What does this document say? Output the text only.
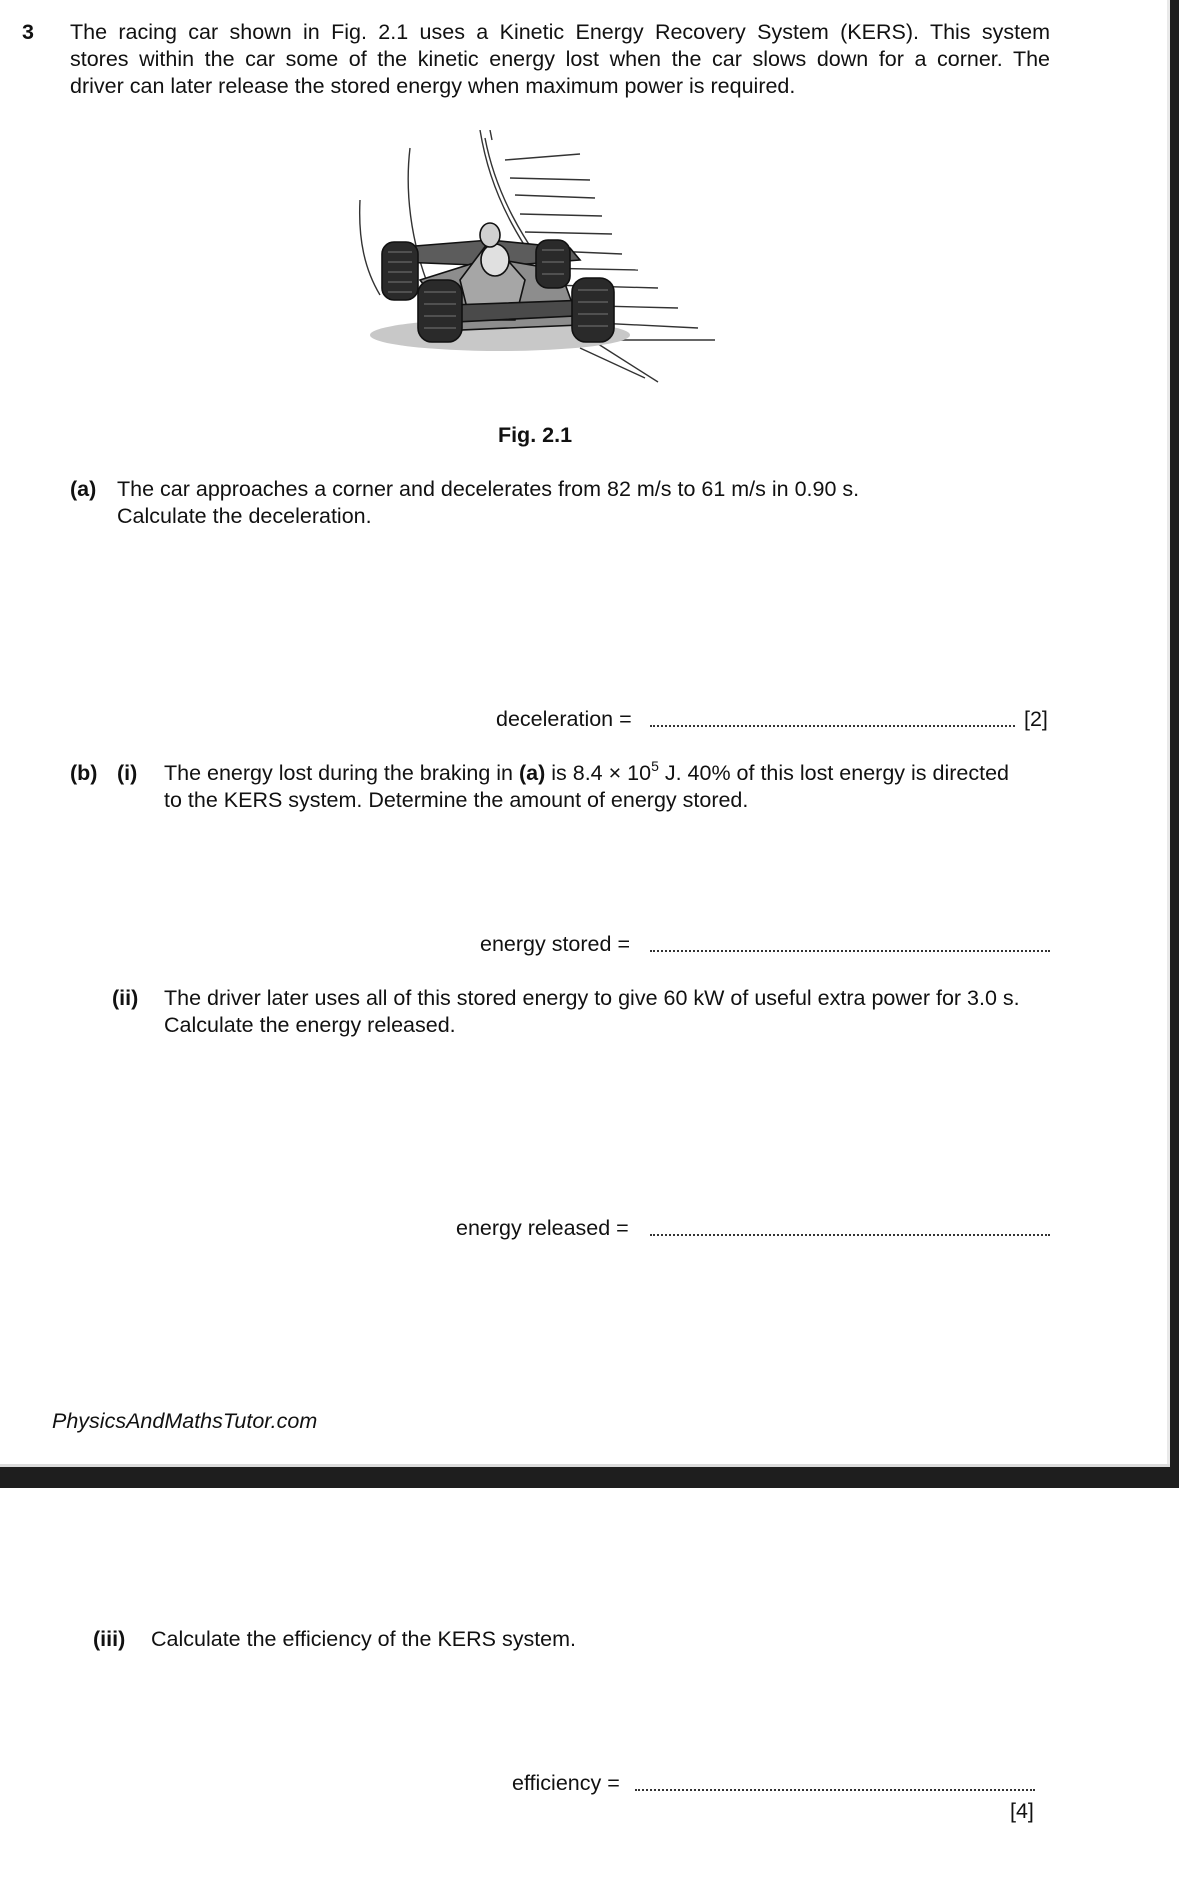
3 The racing car shown in Fig. 2.1 uses a Kinetic Energy Recovery System (KERS). This system
stores within the car some of the kinetic energy lost when the car slows down for a corner. The
driver can later release the stored energy when maximum power is required.
Fig. 2.1
(a) The car approaches a corner and decelerates from 82 m/s to 61 m/s in 0.90 s.
Calculate the deceleration.
deceleration =	[2]
(b) (i) The energy lost during the braking in (a) is $8.4 \times 10^5$ J. 40% of this lost energy is directed
to the KERS system. Determine the amount of energy stored.
energy stored =
(ii) The driver later uses all of this stored energy to give 60 kW of useful extra power for 3.0 s.
Calculate the energy released.
energy released =
PhysicsAndMathsTutor.com
(iii) Calculate the efficiency of the KERS system.
efficiency =
[4]
